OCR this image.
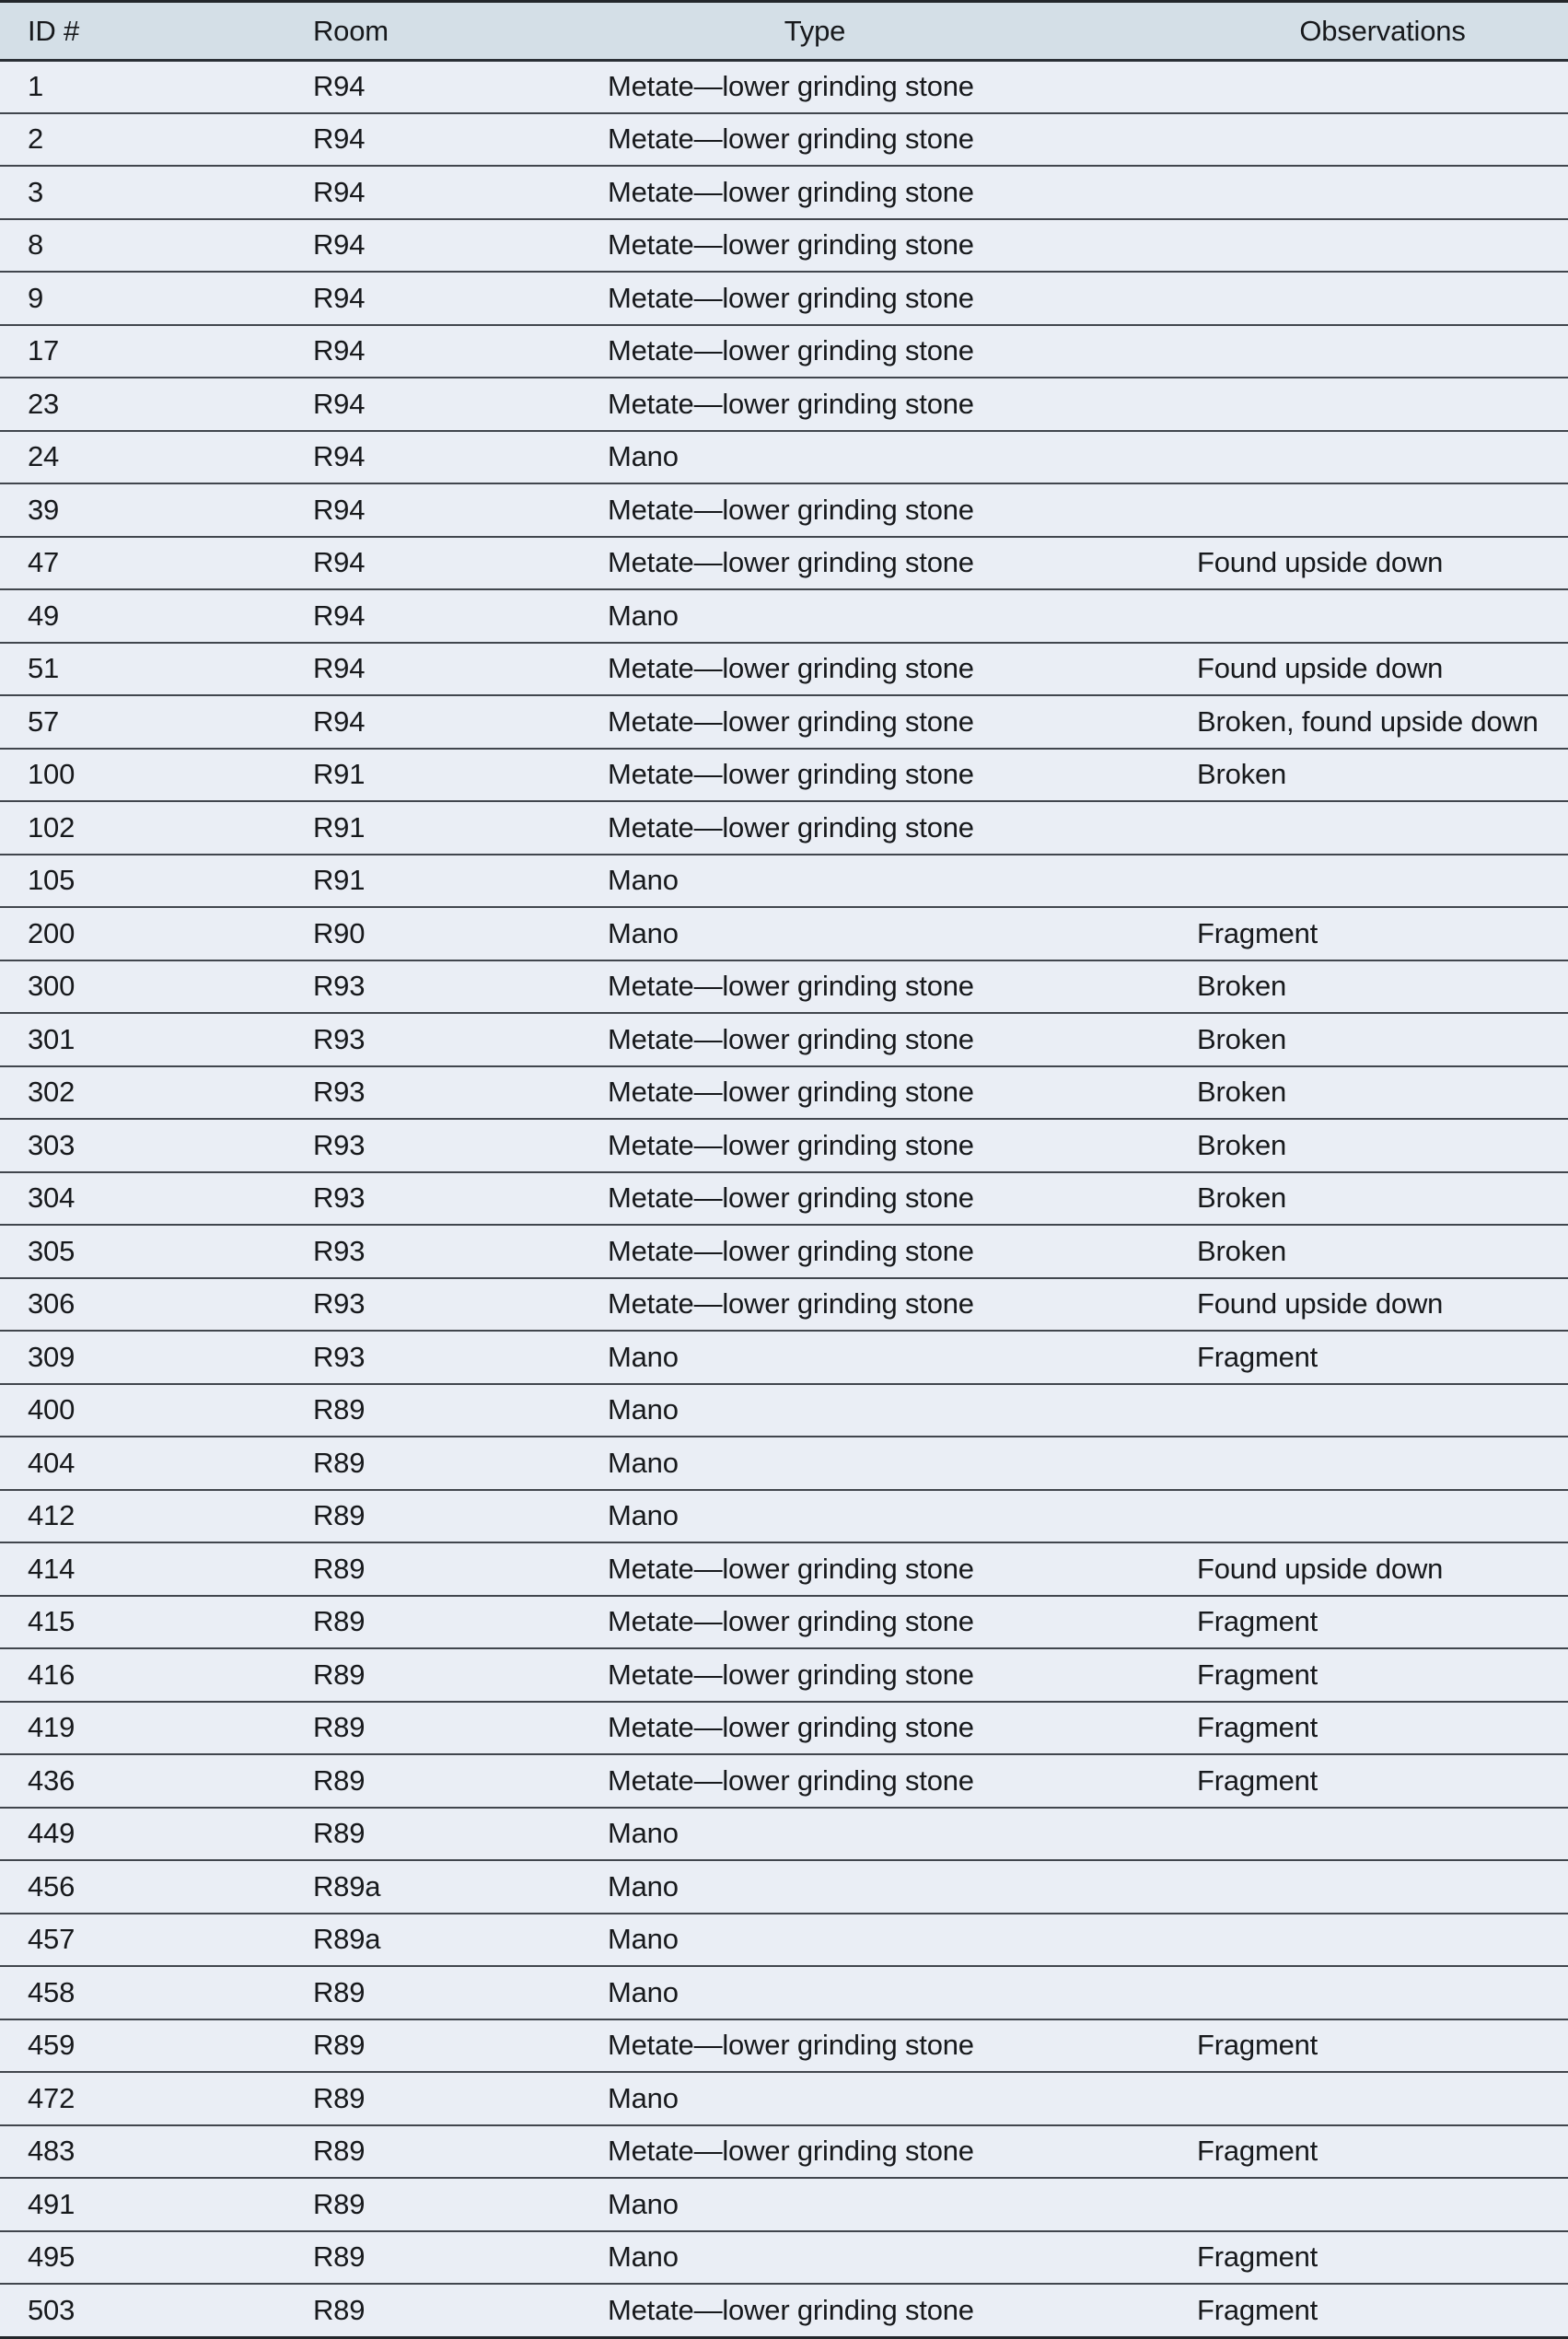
ID #	Room	Type	Observations
1	R94	Metate—lower grinding stone
2	R94	Metate—lower grinding stone
3	R94	Metate—lower grinding stone
8	R94	Metate—lower grinding stone
9	R94	Metate—lower grinding stone
17	R94	Metate—lower grinding stone
23	R94	Metate—lower grinding stone
24	R94	Mano
39	R94	Metate—lower grinding stone
47	R94	Metate—lower grinding stone	Found upside down
49	R94	Mano
51	R94	Metate—lower grinding stone	Found upside down
57	R94	Metate—lower grinding stone	Broken, found upside down
100	R91	Metate—lower grinding stone	Broken
102	R91	Metate—lower grinding stone
105	R91	Mano
200	R90	Mano	Fragment
300	R93	Metate—lower grinding stone	Broken
301	R93	Metate—lower grinding stone	Broken
302	R93	Metate—lower grinding stone	Broken
303	R93	Metate—lower grinding stone	Broken
304	R93	Metate—lower grinding stone	Broken
305	R93	Metate—lower grinding stone	Broken
306	R93	Metate—lower grinding stone	Found upside down
309	R93	Mano	Fragment
400	R89	Mano
404	R89	Mano
412	R89	Mano
414	R89	Metate—lower grinding stone	Found upside down
415	R89	Metate—lower grinding stone	Fragment
416	R89	Metate—lower grinding stone	Fragment
419	R89	Metate—lower grinding stone	Fragment
436	R89	Metate—lower grinding stone	Fragment
449	R89	Mano
456	R89a	Mano
457	R89a	Mano
458	R89	Mano
459	R89	Metate—lower grinding stone	Fragment
472	R89	Mano
483	R89	Metate—lower grinding stone	Fragment
491	R89	Mano
495	R89	Mano	Fragment
503	R89	Metate—lower grinding stone	Fragment
